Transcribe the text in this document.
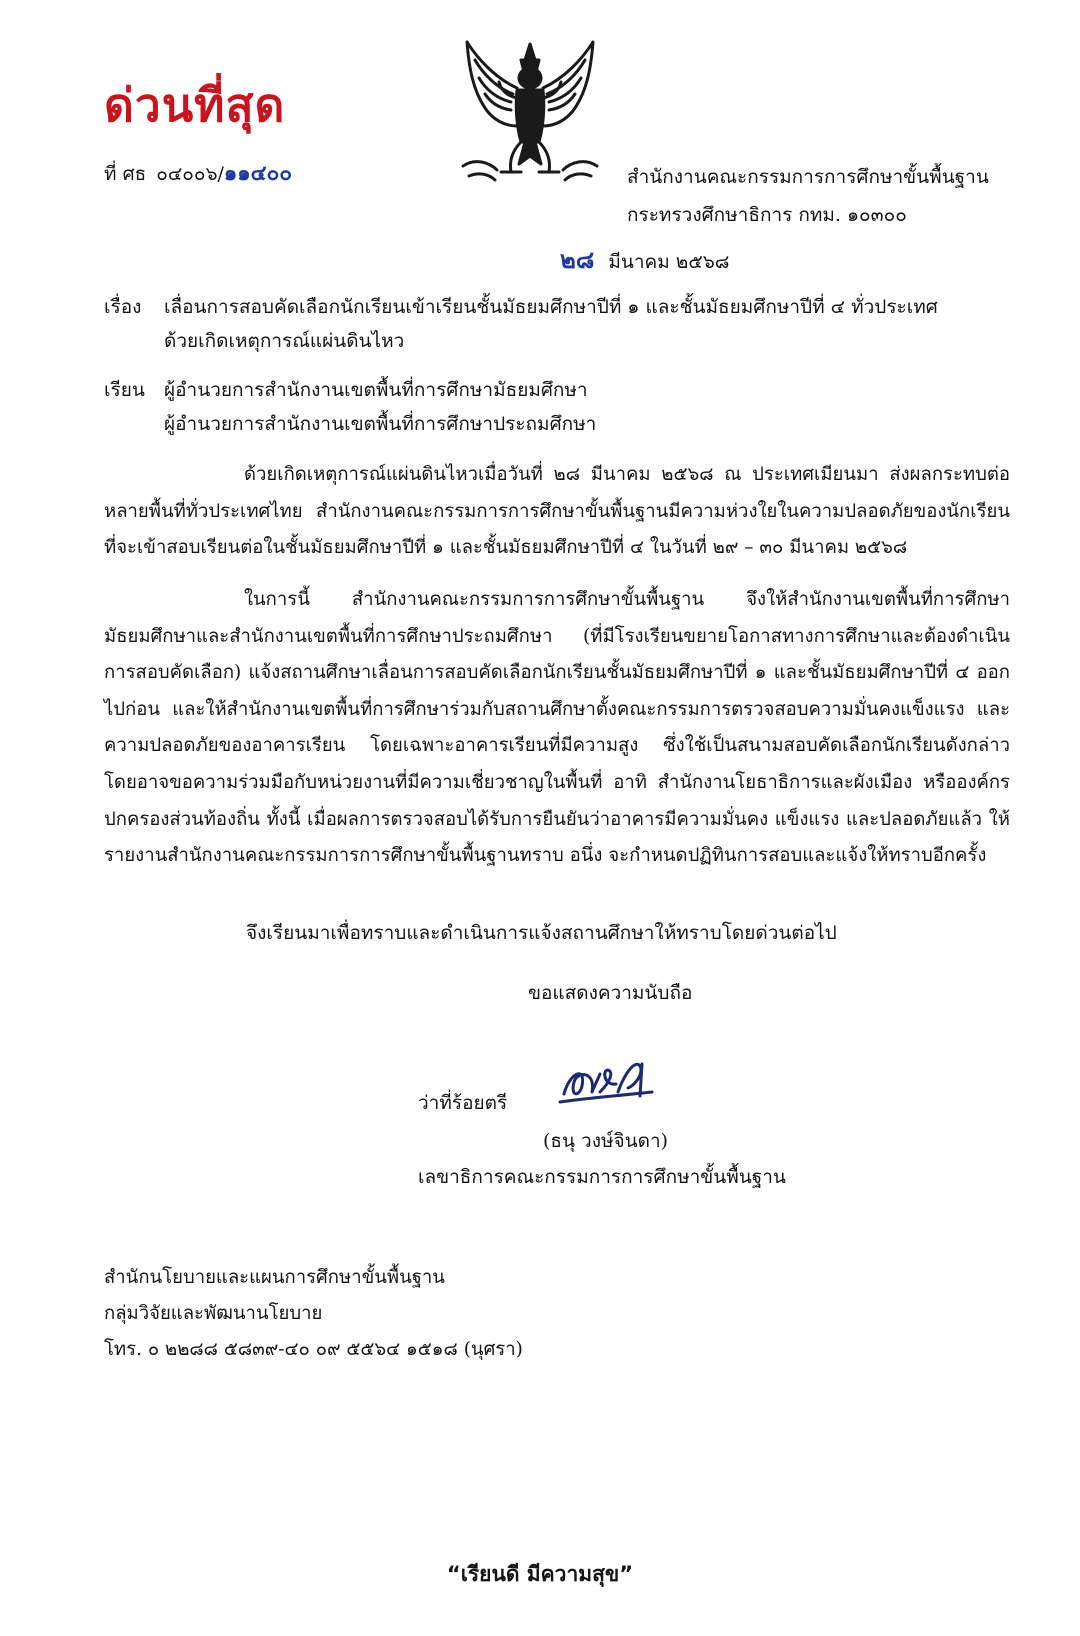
ด่วนที่สุด
ที่ ศธ ๐๔๐๐๖/๑๑๔๐๐	สำนักงานคณะกรรมการการศึกษาขั้นพื้นฐาน
กระทรวงศึกษาธิการ กทม. ๑๐๓๐๐
๒๘ มีนาคม ๒๕๖๘
เรื่อง เลื่อนการสอบคัดเลือกนักเรียนเข้าเรียนชั้นมัธยมศึกษาปีที่ ๑ และชั้นมัธยมศึกษาปีที่ ๔ ทั่วประเทศ
ด้วยเกิดเหตุการณ์แผ่นดินไหว
เรียน ผู้อำนวยการสำนักงานเขตพื้นที่การศึกษามัธยมศึกษา
ผู้อำนวยการสำนักงานเขตพื้นที่การศึกษาประถมศึกษา

ด้วยเกิดเหตุการณ์แผ่นดินไหวเมื่อวันที่ ๒๘ มีนาคม ๒๕๖๘ ณ ประเทศเมียนมา ส่งผลกระทบต่อหลายพื้นที่ทั่วประเทศไทย สำนักงานคณะกรรมการการศึกษาขั้นพื้นฐานมีความห่วงใยในความปลอดภัยของนักเรียนที่จะเข้าสอบเรียนต่อในชั้นมัธยมศึกษาปีที่ ๑ และชั้นมัธยมศึกษาปีที่ ๔ ในวันที่ ๒๙ – ๓๐ มีนาคม ๒๕๖๘

ในการนี้ สำนักงานคณะกรรมการการศึกษาขั้นพื้นฐาน จึงให้สำนักงานเขตพื้นที่การศึกษามัธยมศึกษาและสำนักงานเขตพื้นที่การศึกษาประถมศึกษา (ที่มีโรงเรียนขยายโอกาสทางการศึกษาและต้องดำเนินการสอบคัดเลือก) แจ้งสถานศึกษาเลื่อนการสอบคัดเลือกนักเรียนชั้นมัธยมศึกษาปีที่ ๑ และชั้นมัธยมศึกษาปีที่ ๔ ออกไปก่อน และให้สำนักงานเขตพื้นที่การศึกษาร่วมกับสถานศึกษาตั้งคณะกรรมการตรวจสอบความมั่นคงแข็งแรง และความปลอดภัยของอาคารเรียน โดยเฉพาะอาคารเรียนที่มีความสูง ซึ่งใช้เป็นสนามสอบคัดเลือกนักเรียนดังกล่าว โดยอาจขอความร่วมมือกับหน่วยงานที่มีความเชี่ยวชาญในพื้นที่ อาทิ สำนักงานโยธาธิการและผังเมือง หรือองค์กรปกครองส่วนท้องถิ่น ทั้งนี้ เมื่อผลการตรวจสอบได้รับการยืนยันว่าอาคารมีความมั่นคง แข็งแรง และปลอดภัยแล้ว ให้รายงานสำนักงานคณะกรรมการการศึกษาขั้นพื้นฐานทราบ อนึ่ง จะกำหนดปฏิทินการสอบและแจ้งให้ทราบอีกครั้ง

จึงเรียนมาเพื่อทราบและดำเนินการแจ้งสถานศึกษาให้ทราบโดยด่วนต่อไป
ขอแสดงความนับถือ
ว่าที่ร้อยตรี
(ธนุ วงษ์จินดา)
เลขาธิการคณะกรรมการการศึกษาขั้นพื้นฐาน
สำนักนโยบายและแผนการศึกษาขั้นพื้นฐาน
กลุ่มวิจัยและพัฒนานโยบาย
โทร. ๐ ๒๒๘๘ ๕๘๓๙-๔๐ ๐๙ ๕๕๖๔ ๑๕๑๘ (นุศรา)
“เรียนดี มีความสุข”
